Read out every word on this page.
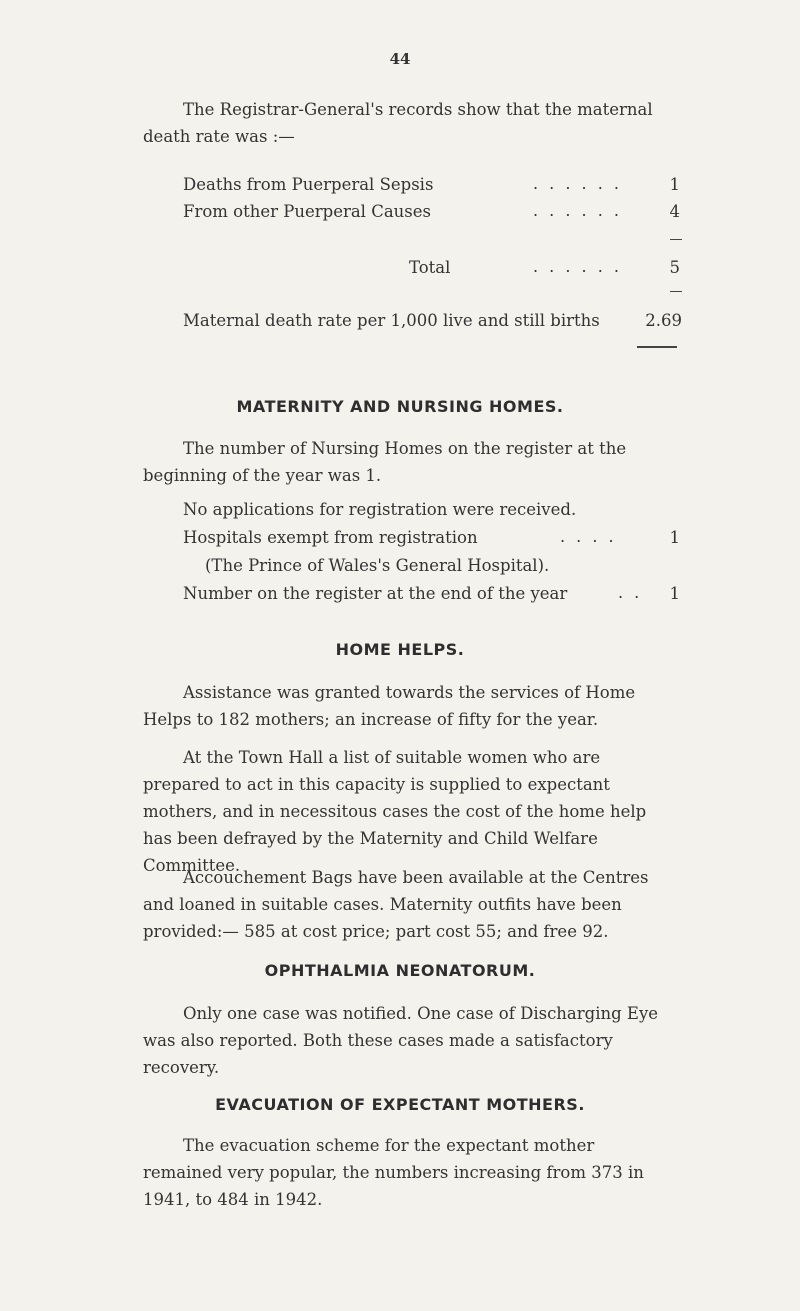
44

The Registrar-General's records show that the maternal death rate was :—

Deaths from Puerperal Sepsis	. . . . . .	1
From other Puerperal Causes	. . . . . .	4
Total	. . . . . .	5
Maternal death rate per 1,000 live and still births	2.69
MATERNITY AND NURSING HOMES.

The number of Nursing Homes on the register at the beginning of the year was 1.

No applications for registration were received.
Hospitals exempt from registration	. . . .	1
(The Prince of Wales's General Hospital).
Number on the register at the end of the year	. .	1
HOME HELPS.

Assistance was granted towards the services of Home Helps to 182 mothers; an increase of fifty for the year.

At the Town Hall a list of suitable women who are prepared to act in this capacity is supplied to expectant mothers, and in necessitous cases the cost of the home help has been defrayed by the Maternity and Child Welfare Committee.

Accouchement Bags have been available at the Centres and loaned in suitable cases. Maternity outfits have been provided:— 585 at cost price; part cost 55; and free 92.

OPHTHALMIA NEONATORUM.

Only one case was notified. One case of Discharging Eye was also reported. Both these cases made a satisfactory recovery.

EVACUATION OF EXPECTANT MOTHERS.

The evacuation scheme for the expectant mother remained very popular, the numbers increasing from 373 in 1941, to 484 in 1942.
